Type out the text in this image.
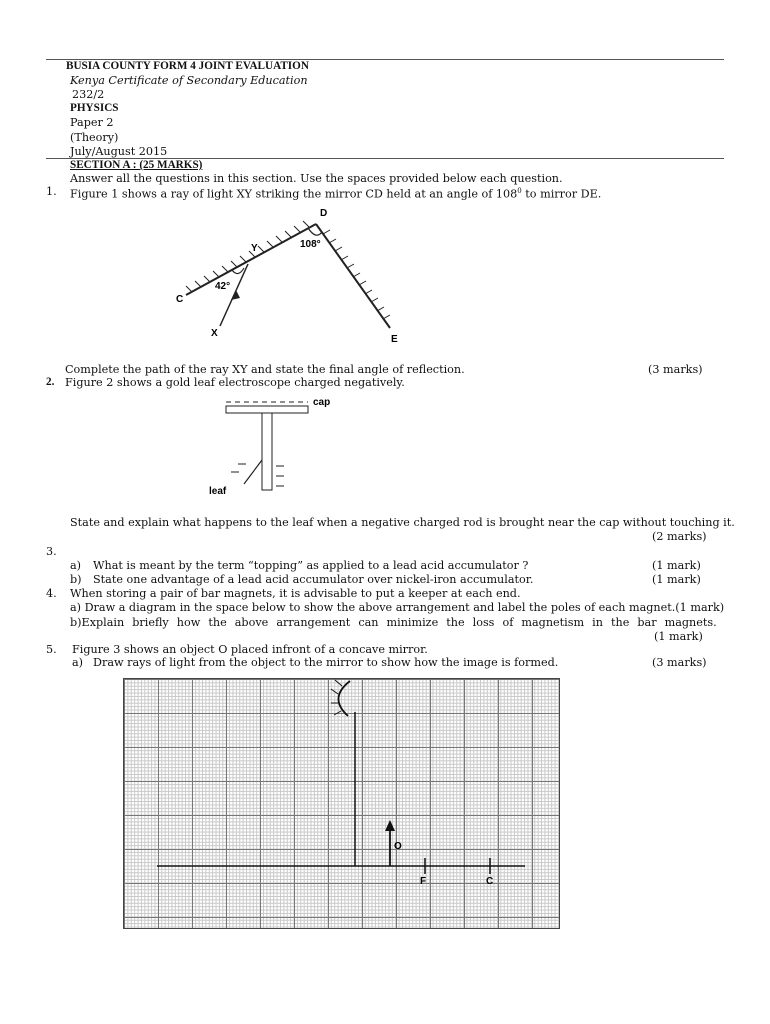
BUSIA COUNTY FORM 4 JOINT EVALUATION
Kenya Certificate of Secondary Education
232/2
PHYSICS
Paper 2
(Theory)
July/August 2015
SECTION A : (25 MARKS)
Answer all the questions in this section. Use the spaces provided below each question.
1. Figure 1 shows a ray of light XY striking the mirror CD held at an angle of $108^0$ to mirror DE.
D
Y	108°
42°
C
X
E
Complete the path of the ray XY and state the final angle of reflection.	(3 marks)
2. Figure 2 shows a gold leaf electroscope charged negatively.
cap
leaf
State and explain what happens to the leaf when a negative charged rod is brought near the cap without touching it.
(2 marks)
3.
a) What is meant by the term “topping” as applied to a lead acid accumulator ?	(1 mark)
b) State one advantage of a lead acid accumulator over nickel-iron accumulator.	(1 mark)
4. When storing a pair of bar magnets, it is advisable to put a keeper at each end.
a) Draw a diagram in the space below to show the above arrangement and label the poles of each magnet.(1 mark)
b)Explain briefly how the above arrangement can minimize the loss of magnetism in the bar magnets.
(1 mark)
5. Figure 3 shows an object O placed infront of a concave mirror.
a) Draw rays of light from the object to the mirror to show how the image is formed.	(3 marks)
O
F	C
